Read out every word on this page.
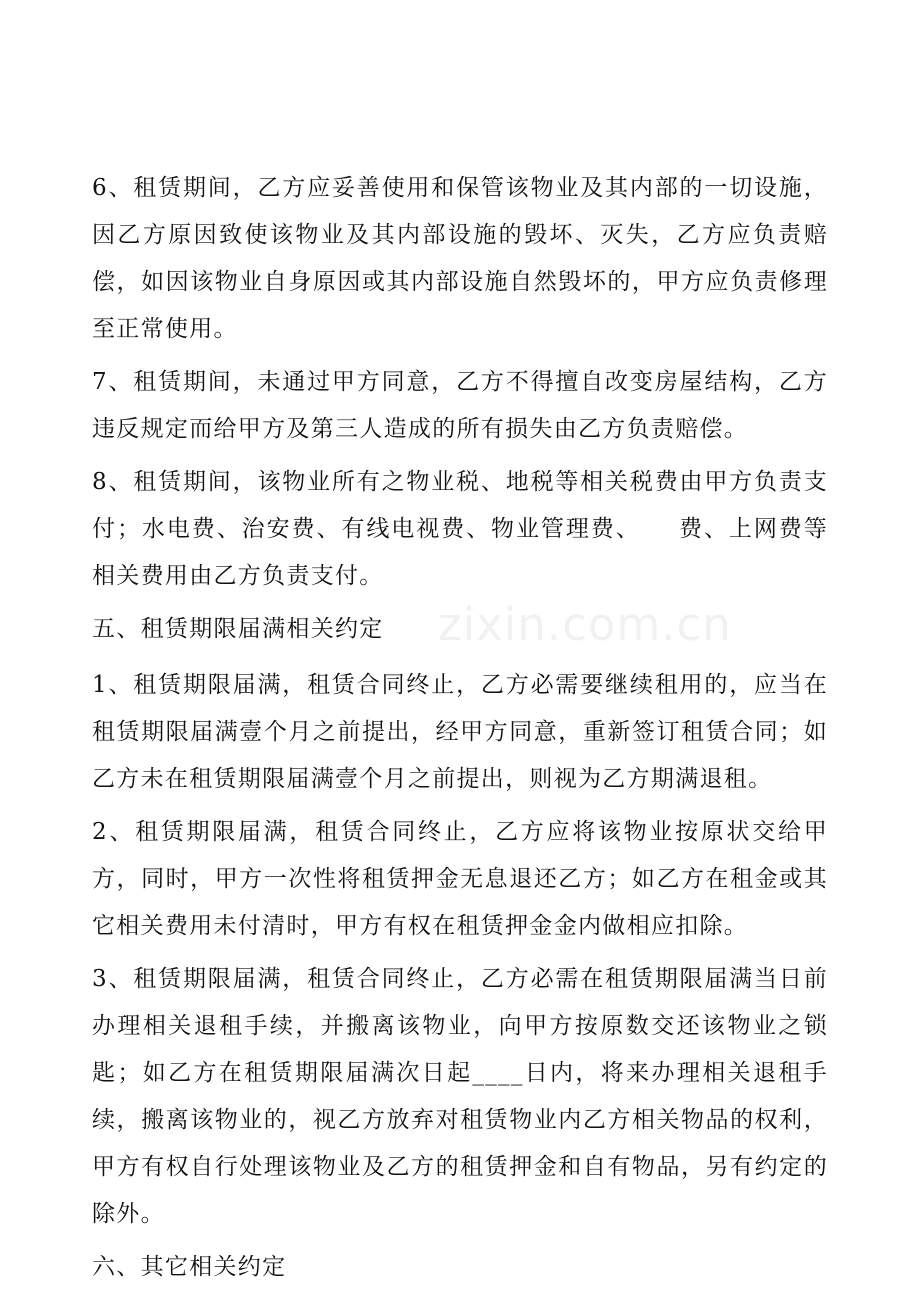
6、租赁期间，乙方应妥善使用和保管该物业及其内部的一切设施，因乙方原因致使该物业及其内部设施的毁坏、灭失，乙方应负责赔偿，如因该物业自身原因或其内部设施自然毁坏的，甲方应负责修理至正常使用。

7、租赁期间，未通过甲方同意，乙方不得擅自改变房屋结构，乙方违反规定而给甲方及第三人造成的所有损失由乙方负责赔偿。

8、租赁期间，该物业所有之物业税、地税等相关税费由甲方负责支付；水电费、治安费、有线电视费、物业管理费、　　费、上网费等相关费用由乙方负责支付。

五、租赁期限届满相关约定

1、租赁期限届满，租赁合同终止，乙方必需要继续租用的，应当在租赁期限届满壹个月之前提出，经甲方同意，重新签订租赁合同；如乙方未在租赁期限届满壹个月之前提出，则视为乙方期满退租。

2、租赁期限届满，租赁合同终止，乙方应将该物业按原状交给甲方，同时，甲方一次性将租赁押金无息退还乙方；如乙方在租金或其它相关费用未付清时，甲方有权在租赁押金金内做相应扣除。

3、租赁期限届满，租赁合同终止，乙方必需在租赁期限届满当日前办理相关退租手续，并搬离该物业，向甲方按原数交还该物业之锁匙；如乙方在租赁期限届满次日起____日内，将来办理相关退租手续，搬离该物业的，视乙方放弃对租赁物业内乙方相关物品的权利，甲方有权自行处理该物业及乙方的租赁押金和自有物品，另有约定的除外。

六、其它相关约定

zixin.com.cn
